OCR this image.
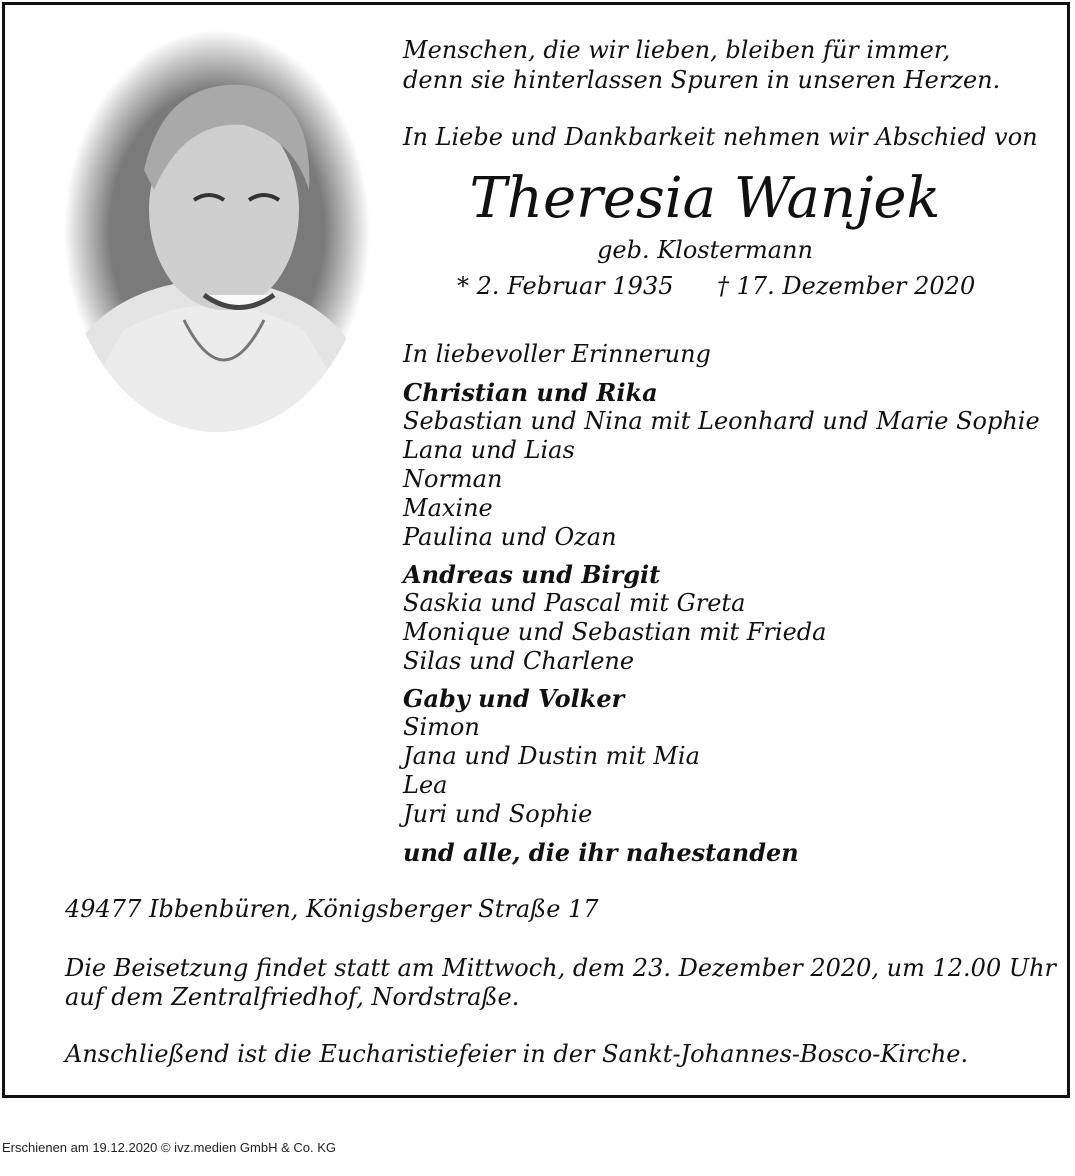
Menschen, die wir lieben, bleiben für immer,
denn sie hinterlassen Spuren in unseren Herzen.
In Liebe und Dankbarkeit nehmen wir Abschied von
Theresia Wanjek
geb. Klostermann
* 2. Februar 1935 † 17. Dezember 2020
In liebevoller Erinnerung
Christian und Rika
Sebastian und Nina mit Leonhard und Marie Sophie
Lana und Lias
Norman
Maxine
Paulina und Ozan
Andreas und Birgit
Saskia und Pascal mit Greta
Monique und Sebastian mit Frieda
Silas und Charlene
Gaby und Volker
Simon
Jana und Dustin mit Mia
Lea
Juri und Sophie
und alle, die ihr nahestanden
49477 Ibbenbüren, Königsberger Straße 17
Die Beisetzung findet statt am Mittwoch, dem 23. Dezember 2020, um 12.00 Uhr
auf dem Zentralfriedhof, Nordstraße.
Anschließend ist die Eucharistiefeier in der Sankt-Johannes-Bosco-Kirche.
Erschienen am 19.12.2020 © ivz.medien GmbH & Co. KG
